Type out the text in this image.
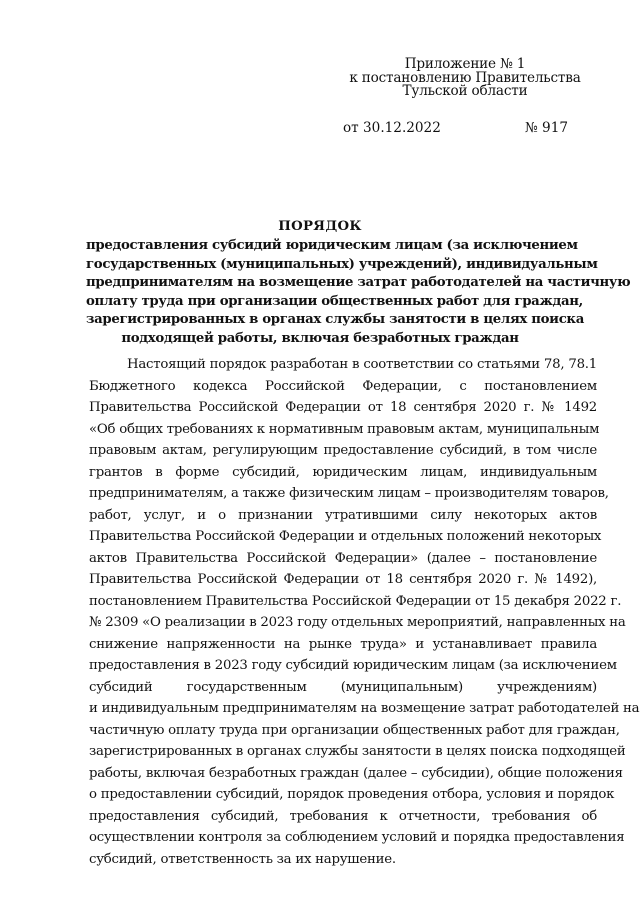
Приложение № 1
к постановлению Правительства
Тульской области
от 30.12.2022	№ 917
ПОРЯДОК
предоставления субсидий юридическим лицам (за исключением
государственных (муниципальных) учреждений), индивидуальным
предпринимателям на возмещение затрат работодателей на частичную
оплату труда при организации общественных работ для граждан,
зарегистрированных в органах службы занятости в целях поиска
подходящей работы, включая безработных граждан
Настоящий порядок разработан в соответствии со статьями 78, 78.1
Бюджетного кодекса Российской Федерации, с постановлением
Правительства Российской Федерации от 18 сентября 2020 г. № 1492
«Об общих требованиях к нормативным правовым актам, муниципальным
правовым актам, регулирующим предоставление субсидий, в том числе
грантов в форме субсидий, юридическим лицам, индивидуальным
предпринимателям, а также физическим лицам – производителям товаров,
работ, услуг, и о признании утратившими силу некоторых актов
Правительства Российской Федерации и отдельных положений некоторых
актов Правительства Российской Федерации» (далее – постановление
Правительства Российской Федерации от 18 сентября 2020 г. № 1492),
постановлением Правительства Российской Федерации от 15 декабря 2022 г.
№ 2309 «О реализации в 2023 году отдельных мероприятий, направленных на
снижение напряженности на рынке труда» и устанавливает правила
предоставления в 2023 году субсидий юридическим лицам (за исключением
субсидий государственным (муниципальным) учреждениям)
и индивидуальным предпринимателям на возмещение затрат работодателей на
частичную оплату труда при организации общественных работ для граждан,
зарегистрированных в органах службы занятости в целях поиска подходящей
работы, включая безработных граждан (далее – субсидии), общие положения
о предоставлении субсидий, порядок проведения отбора, условия и порядок
предоставления субсидий, требования к отчетности, требования об
осуществлении контроля за соблюдением условий и порядка предоставления
субсидий, ответственность за их нарушение.
